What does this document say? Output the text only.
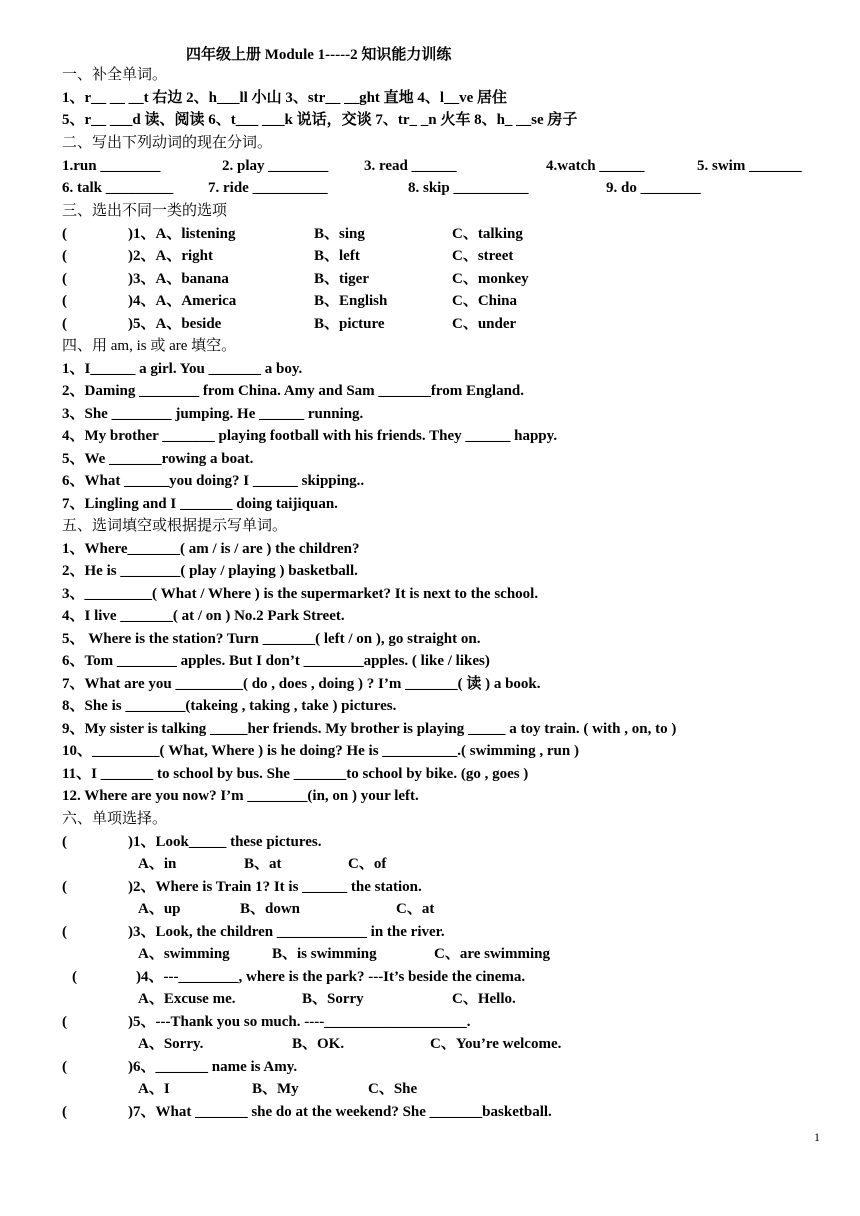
四年级上册 Module 1-----2 知识能力训练
一、补全单词。
1、r__ __ __t 右边 2、h___ll 小山 3、str__ __ght 直地 4、l__ve 居住
5、r__ ___d 读、阅读 6、t___ ___k 说话，交谈 7、tr_ _n 火车 8、h_ __se 房子
二、写出下列动词的现在分词。
1.run ________	2. play ________ 3. read ______	4.watch ______	5. swim _______
6. talk _________ 7. ride __________	8. skip __________	9. do ________
三、选出不同一类的选项
(	)1、A、listening	B、sing	C、talking
(	)2、A、right	B、left	C、street
(	)3、A、banana	B、tiger	C、monkey
(	)4、A、America	B、English	C、China
(	)5、A、beside	B、picture	C、under
四、用 am, is 或 are 填空。
1、I______ a girl. You _______ a boy.
2、Daming ________ from China. Amy and Sam _______from England.
3、She ________ jumping. He ______ running.
4、My brother _______ playing football with his friends. They ______ happy.
5、We _______rowing a boat.
6、What ______you doing? I ______ skipping..
7、Lingling and I _______ doing taijiquan.
五、选词填空或根据提示写单词。
1、Where_______( am / is / are ) the children?
2、He is ________( play / playing ) basketball.
3、_________( What / Where ) is the supermarket? It is next to the school.
4、I live _______( at / on ) No.2 Park Street.
5、 Where is the station? Turn _______( left / on ), go straight on.
6、Tom ________ apples. But I don’t ________apples. ( like / likes)
7、What are you _________( do , does , doing ) ? I’m _______( 读 ) a book.
8、She is ________(takeing , taking , take ) pictures.
9、My sister is talking _____her friends. My brother is playing _____ a toy train. ( with , on, to )
10、_________( What, Where ) is he doing? He is __________.( swimming , run )
11、I _______ to school by bus. She _______to school by bike. (go , goes )
12. Where are you now? I’m ________(in, on ) your left.
六、单项选择。
(	)1、Look_____ these pictures.
A、in	B、at	C、of
(	)2、Where is Train 1? It is ______ the station.
A、up	B、down	C、at
(	)3、Look, the children ____________ in the river.
A、swimming	B、is swimming	C、are swimming
(	)4、---________, where is the park? ---It’s beside the cinema.
A、Excuse me.	B、Sorry	C、Hello.
(	)5、---Thank you so much. ----___________________.
A、Sorry.	B、OK.	C、You’re welcome.
(	)6、_______ name is Amy.
A、I	B、My	C、She
(	)7、What _______ she do at the weekend? She _______basketball.
1
